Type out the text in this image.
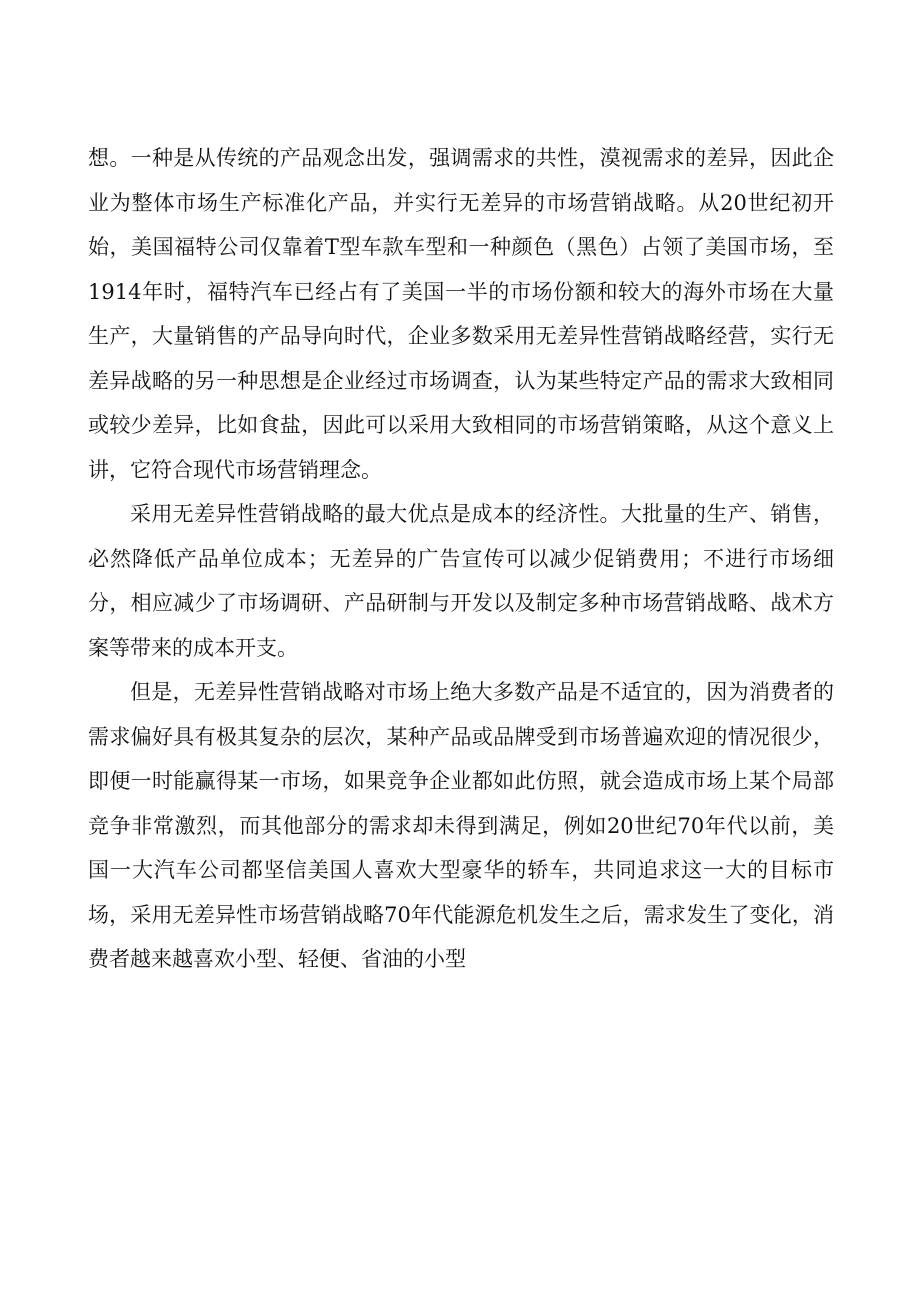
想。一种是从传统的产品观念出发，强调需求的共性，漠视需求的差异，因此企业为整体市场生产标准化产品，并实行无差异的市场营销战略。从20世纪初开始，美国福特公司仅靠着T型车款车型和一种颜色（黑色）占领了美国市场，至1914年时，福特汽车已经占有了美国一半的市场份额和较大的海外市场在大量生产，大量销售的产品导向时代，企业多数采用无差异性营销战略经营，实行无差异战略的另一种思想是企业经过市场调查，认为某些特定产品的需求大致相同或较少差异，比如食盐，因此可以采用大致相同的市场营销策略，从这个意义上讲，它符合现代市场营销理念。

采用无差异性营销战略的最大优点是成本的经济性。大批量的生产、销售，必然降低产品单位成本；无差异的广告宣传可以减少促销费用；不进行市场细分，相应减少了市场调研、产品研制与开发以及制定多种市场营销战略、战术方案等带来的成本开支。

但是，无差异性营销战略对市场上绝大多数产品是不适宜的，因为消费者的需求偏好具有极其复杂的层次，某种产品或品牌受到市场普遍欢迎的情况很少，即便一时能赢得某一市场，如果竞争企业都如此仿照，就会造成市场上某个局部竞争非常激烈，而其他部分的需求却未得到满足，例如20世纪70年代以前，美国一大汽车公司都坚信美国人喜欢大型豪华的轿车，共同追求这一大的目标市场，采用无差异性市场营销战略70年代能源危机发生之后，需求发生了变化，消费者越来越喜欢小型、轻便、省油的小型
